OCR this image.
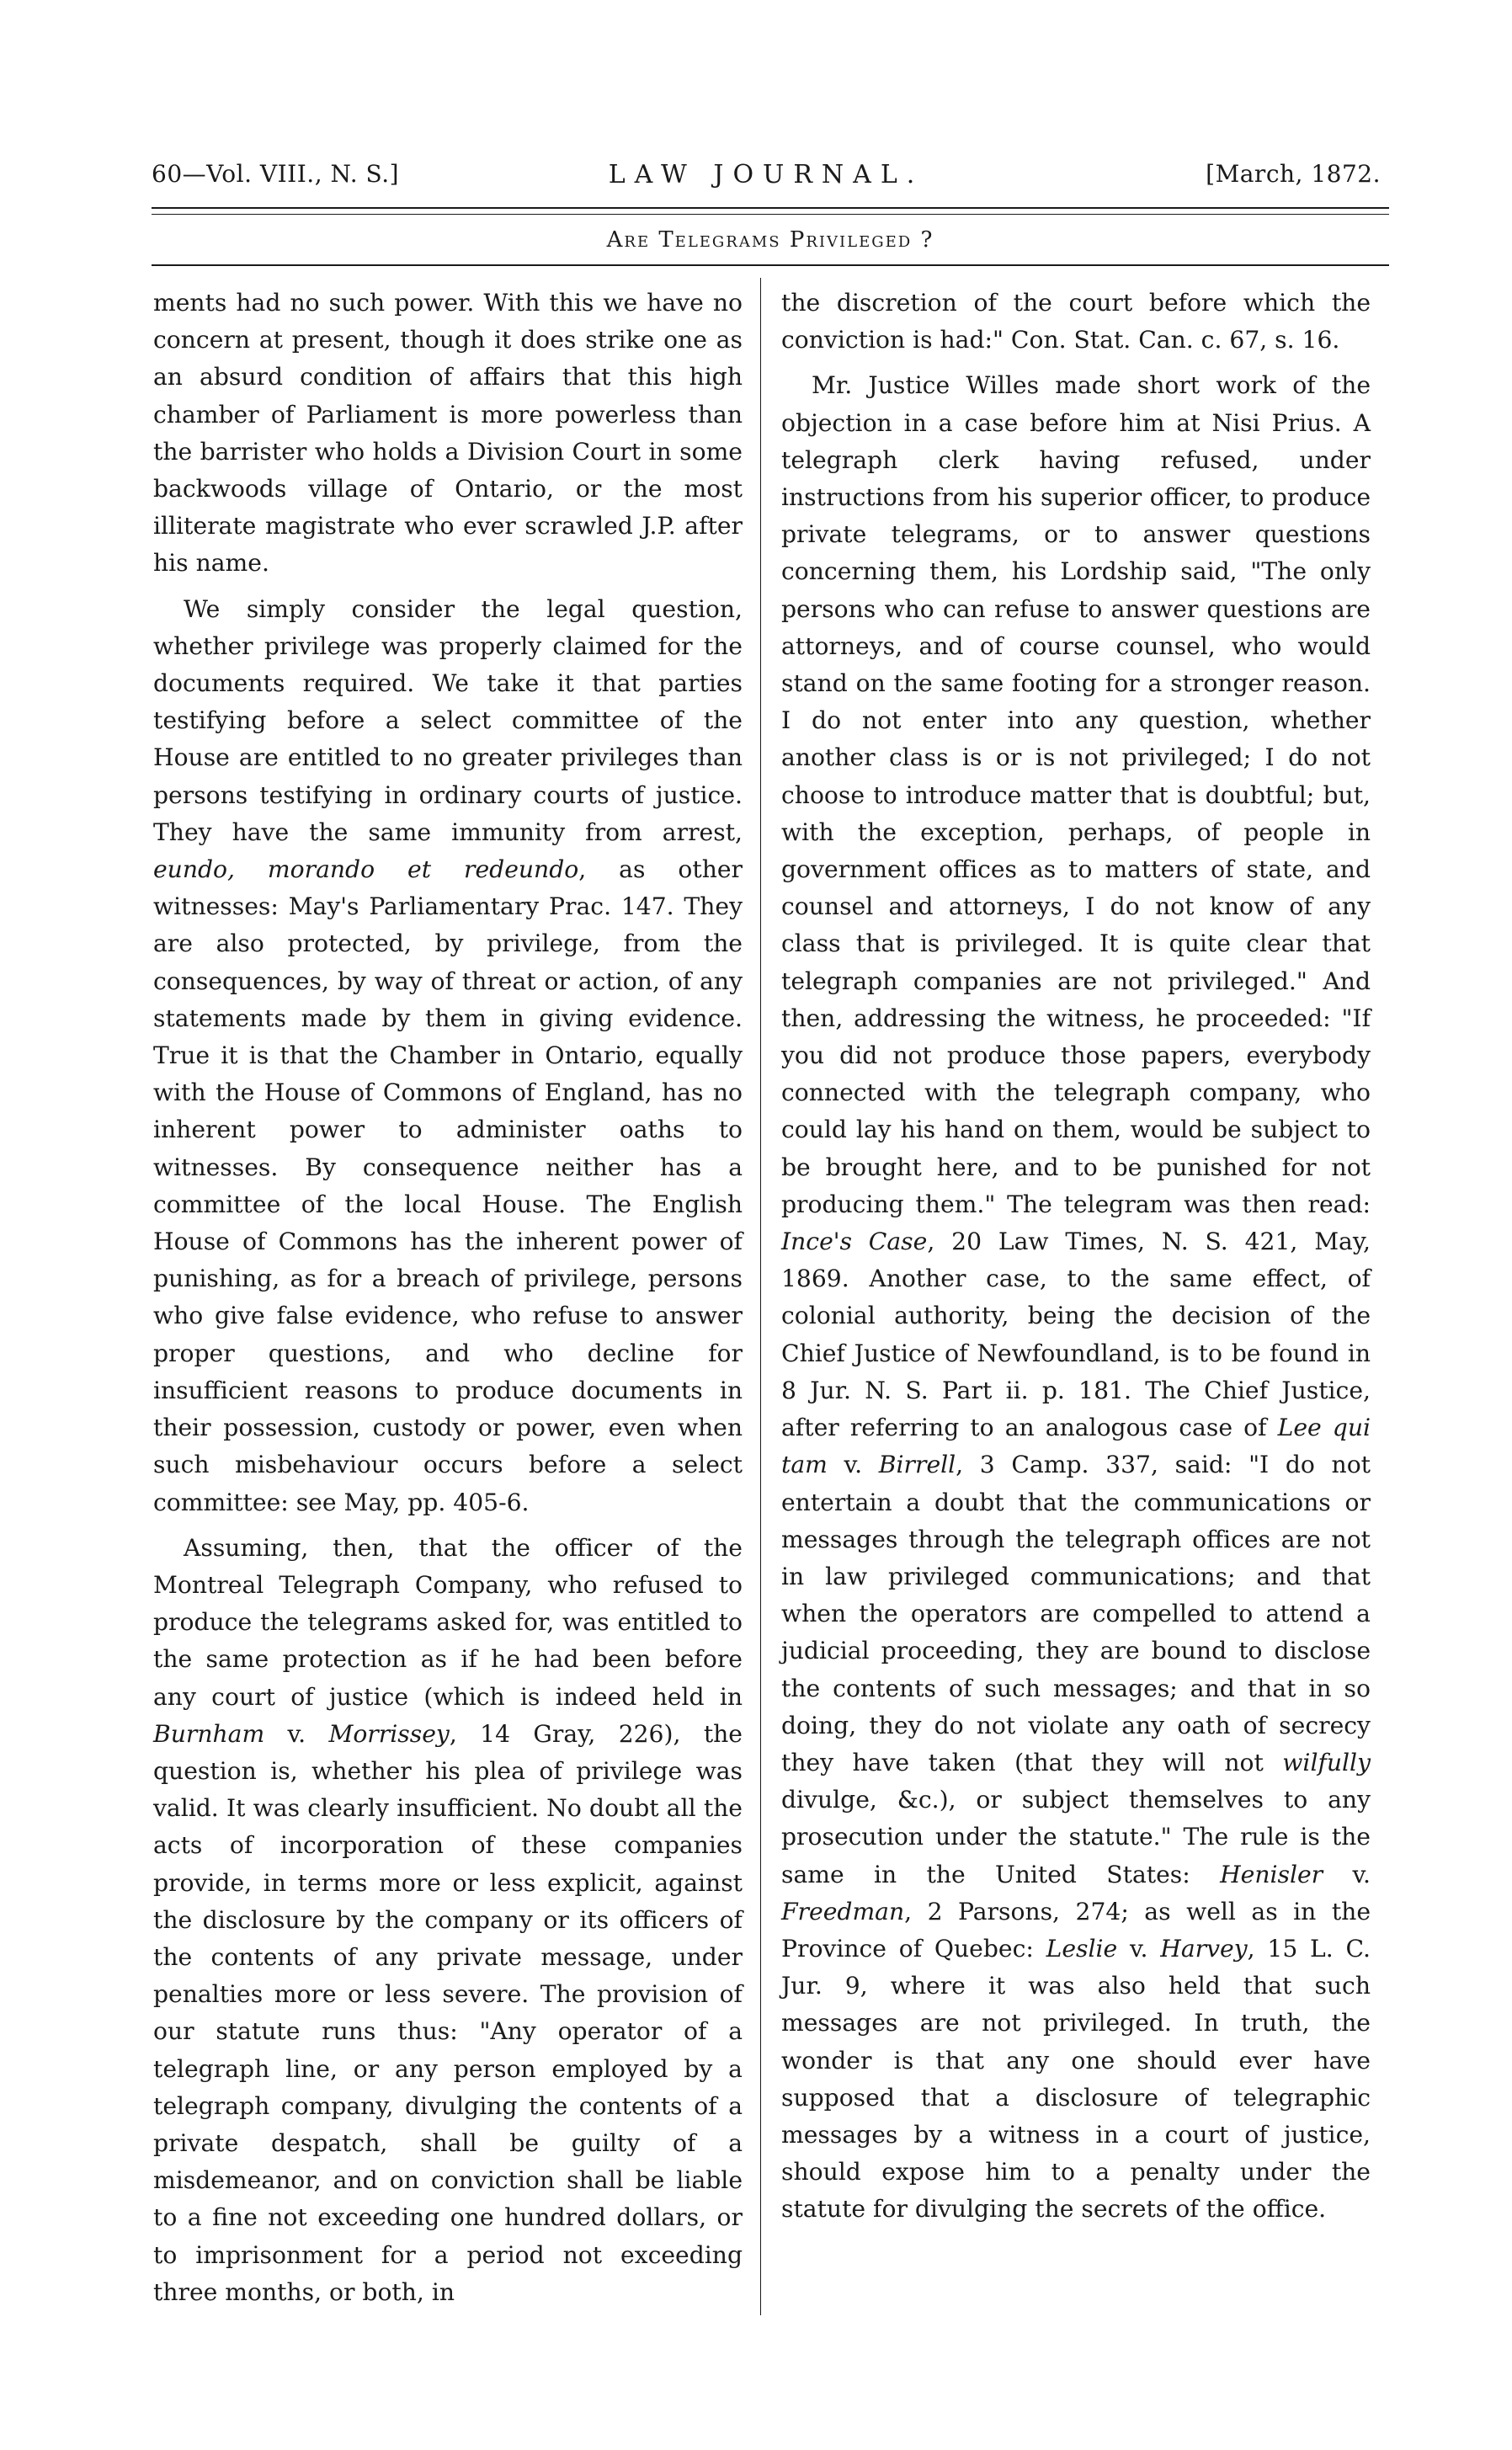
60—Vol. VIII., N. S.]	LAW JOURNAL.	[March, 1872.
Are Telegrams Privileged ?

ments had no such power. With this we have no concern at present, though it does strike one as an absurd condition of affairs that this high chamber of Parliament is more powerless than the barrister who holds a Division Court in some backwoods village of Ontario, or the most illiterate magistrate who ever scrawled J.P. after his name.

We simply consider the legal question, whether privilege was properly claimed for the documents required. We take it that parties testifying before a select committee of the House are entitled to no greater privileges than persons testifying in ordinary courts of justice. They have the same immunity from arrest, eundo, morando et redeundo, as other witnesses: May's Parliamentary Prac. 147. They are also protected, by privilege, from the consequences, by way of threat or action, of any statements made by them in giving evidence. True it is that the Chamber in Ontario, equally with the House of Commons of England, has no inherent power to administer oaths to witnesses. By consequence neither has a committee of the local House. The English House of Commons has the inherent power of punishing, as for a breach of privilege, persons who give false evidence, who refuse to answer proper questions, and who decline for insufficient reasons to produce documents in their possession, custody or power, even when such misbehaviour occurs before a select committee: see May, pp. 405-6.

Assuming, then, that the officer of the Montreal Telegraph Company, who refused to produce the telegrams asked for, was entitled to the same protection as if he had been before any court of justice (which is indeed held in Burnham v. Morrissey, 14 Gray, 226), the question is, whether his plea of privilege was valid. It was clearly insufficient. No doubt all the acts of incorporation of these companies provide, in terms more or less explicit, against the disclosure by the company or its officers of the contents of any private message, under penalties more or less severe. The provision of our statute runs thus: "Any operator of a telegraph line, or any person employed by a telegraph company, divulging the contents of a private despatch, shall be guilty of a misdemeanor, and on conviction shall be liable to a fine not exceeding one hundred dollars, or to imprisonment for a period not exceeding three months, or both, in

the discretion of the court before which the conviction is had:" Con. Stat. Can. c. 67, s. 16.

Mr. Justice Willes made short work of the objection in a case before him at Nisi Prius. A telegraph clerk having refused, under instructions from his superior officer, to produce private telegrams, or to answer questions concerning them, his Lordship said, "The only persons who can refuse to answer questions are attorneys, and of course counsel, who would stand on the same footing for a stronger reason. I do not enter into any question, whether another class is or is not privileged; I do not choose to introduce matter that is doubtful; but, with the exception, perhaps, of people in government offices as to matters of state, and counsel and attorneys, I do not know of any class that is privileged. It is quite clear that telegraph companies are not privileged." And then, addressing the witness, he proceeded: "If you did not produce those papers, everybody connected with the telegraph company, who could lay his hand on them, would be subject to be brought here, and to be punished for not producing them." The telegram was then read: Ince's Case, 20 Law Times, N. S. 421, May, 1869. Another case, to the same effect, of colonial authority, being the decision of the Chief Justice of Newfoundland, is to be found in 8 Jur. N. S. Part ii. p. 181. The Chief Justice, after referring to an analogous case of Lee qui tam v. Birrell, 3 Camp. 337, said: "I do not entertain a doubt that the communications or messages through the telegraph offices are not in law privileged communications; and that when the operators are compelled to attend a judicial proceeding, they are bound to disclose the contents of such messages; and that in so doing, they do not violate any oath of secrecy they have taken (that they will not wilfully divulge, &c.), or subject themselves to any prosecution under the statute." The rule is the same in the United States: Henisler v. Freedman, 2 Parsons, 274; as well as in the Province of Quebec: Leslie v. Harvey, 15 L. C. Jur. 9, where it was also held that such messages are not privileged. In truth, the wonder is that any one should ever have supposed that a disclosure of telegraphic messages by a witness in a court of justice, should expose him to a penalty under the statute for divulging the secrets of the office.
